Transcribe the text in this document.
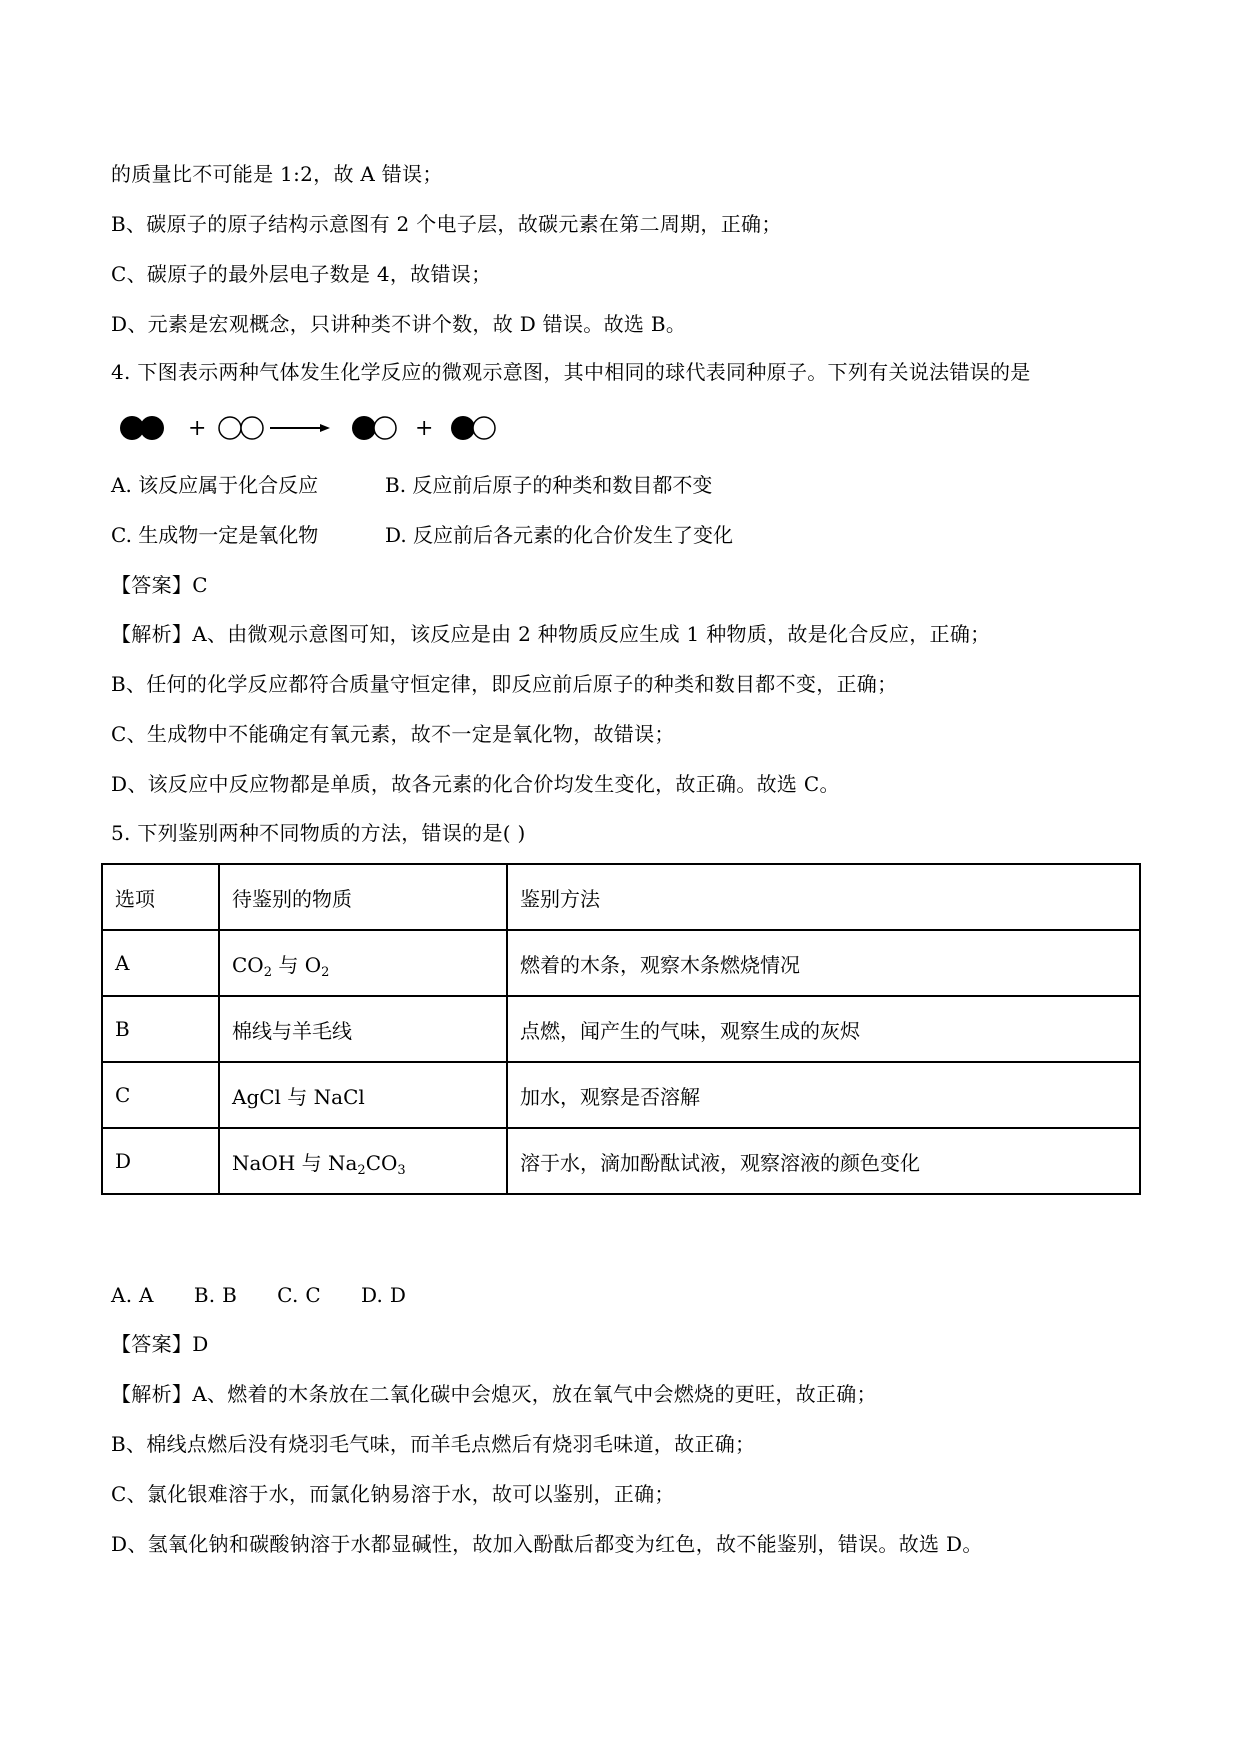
的质量比不可能是 1:2，故 A 错误；
B、碳原子的原子结构示意图有 2 个电子层，故碳元素在第二周期，正确；
C、碳原子的最外层电子数是 4，故错误；
D、元素是宏观概念，只讲种类不讲个数，故 D 错误。故选 B。
4. 下图表示两种气体发生化学反应的微观示意图，其中相同的球代表同种原子。下列有关说法错误的是
+	+
A. 该反应属于化合反应	B. 反应前后原子的种类和数目都不变
C. 生成物一定是氧化物	D. 反应前后各元素的化合价发生了变化
【答案】C
【解析】A、由微观示意图可知，该反应是由 2 种物质反应生成 1 种物质，故是化合反应，正确；
B、任何的化学反应都符合质量守恒定律，即反应前后原子的种类和数目都不变，正确；
C、生成物中不能确定有氧元素，故不一定是氧化物，故错误；
D、该反应中反应物都是单质，故各元素的化合价均发生变化，故正确。故选 C。
5. 下列鉴别两种不同物质的方法，错误的是( )
选项	待鉴别的物质	鉴别方法
A	$CO_2$ 与 $O_2$	燃着的木条，观察木条燃烧情况
B	棉线与羊毛线	点燃，闻产生的气味，观察生成的灰烬
C	AgCl 与 NaCl	加水，观察是否溶解
D	NaOH 与 $Na_2CO_3$	溶于水，滴加酚酞试液，观察溶液的颜色变化
A. A B. B C. C D. D
【答案】D
【解析】A、燃着的木条放在二氧化碳中会熄灭，放在氧气中会燃烧的更旺，故正确；
B、棉线点燃后没有烧羽毛气味，而羊毛点燃后有烧羽毛味道，故正确；
C、氯化银难溶于水，而氯化钠易溶于水，故可以鉴别，正确；
D、氢氧化钠和碳酸钠溶于水都显碱性，故加入酚酞后都变为红色，故不能鉴别，错误。故选 D。
